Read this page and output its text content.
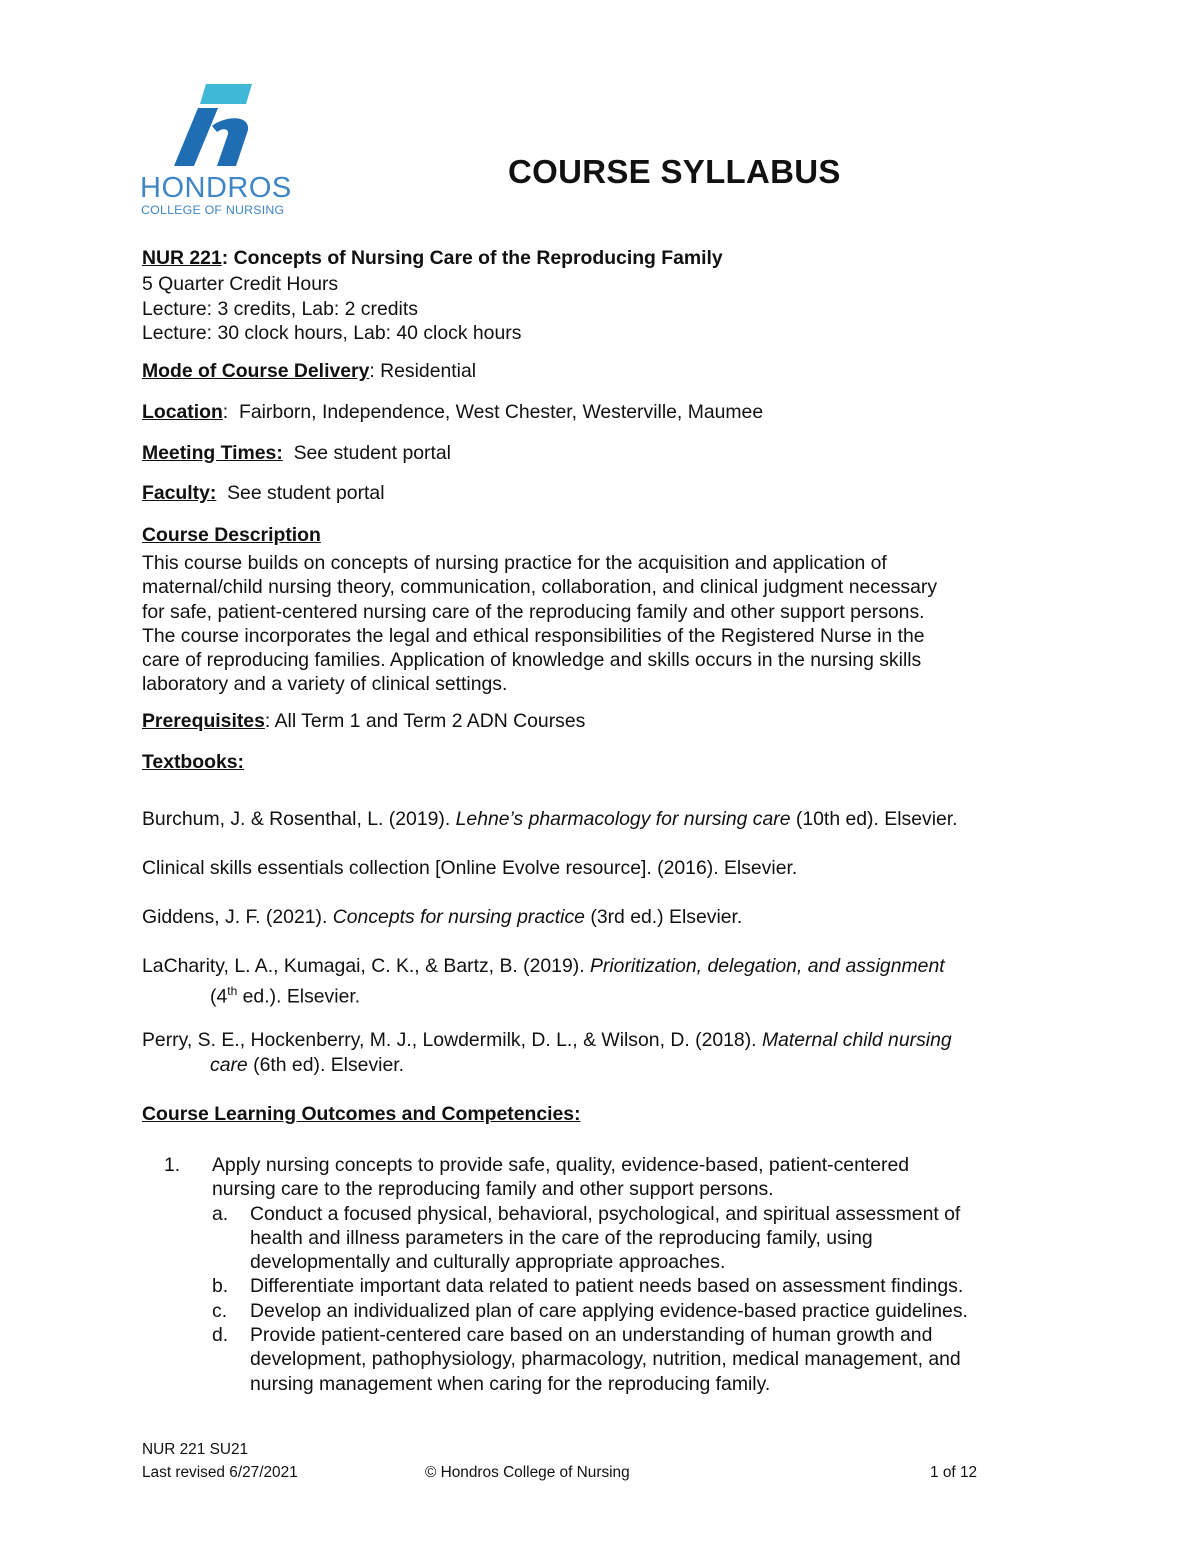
HONDROS
COLLEGE OF NURSING
COURSE SYLLABUS
NUR 221: Concepts of Nursing Care of the Reproducing Family
5 Quarter Credit Hours
Lecture: 3 credits, Lab: 2 credits
Lecture: 30 clock hours, Lab: 40 clock hours
Mode of Course Delivery: Residential
Location:  Fairborn, Independence, West Chester, Westerville, Maumee
Meeting Times: See student portal
Faculty: See student portal
Course Description
This course builds on concepts of nursing practice for the acquisition and application of
maternal/child nursing theory, communication, collaboration, and clinical judgment necessary
for safe, patient-centered nursing care of the reproducing family and other support persons.
The course incorporates the legal and ethical responsibilities of the Registered Nurse in the
care of reproducing families. Application of knowledge and skills occurs in the nursing skills
laboratory and a variety of clinical settings.
Prerequisites: All Term 1 and Term 2 ADN Courses
Textbooks:
Burchum, J. & Rosenthal, L. (2019). Lehne’s pharmacology for nursing care (10th ed). Elsevier.
Clinical skills essentials collection [Online Evolve resource]. (2016). Elsevier.
Giddens, J. F. (2021). Concepts for nursing practice (3rd ed.) Elsevier.
LaCharity, L. A., Kumagai, C. K., & Bartz, B. (2019). Prioritization, delegation, and assignment
(4th ed.). Elsevier.
Perry, S. E., Hockenberry, M. J., Lowdermilk, D. L., & Wilson, D. (2018). Maternal child nursing
care (6th ed). Elsevier.
Course Learning Outcomes and Competencies:
1. Apply nursing concepts to provide safe, quality, evidence-based, patient-centered
nursing care to the reproducing family and other support persons.
a. Conduct a focused physical, behavioral, psychological, and spiritual assessment of
health and illness parameters in the care of the reproducing family, using
developmentally and culturally appropriate approaches.
b. Differentiate important data related to patient needs based on assessment findings.
c. Develop an individualized plan of care applying evidence-based practice guidelines.
d. Provide patient-centered care based on an understanding of human growth and
development, pathophysiology, pharmacology, nutrition, medical management, and
nursing management when caring for the reproducing family.
NUR 221 SU21
Last revised 6/27/2021	© Hondros College of Nursing	1 of 12
